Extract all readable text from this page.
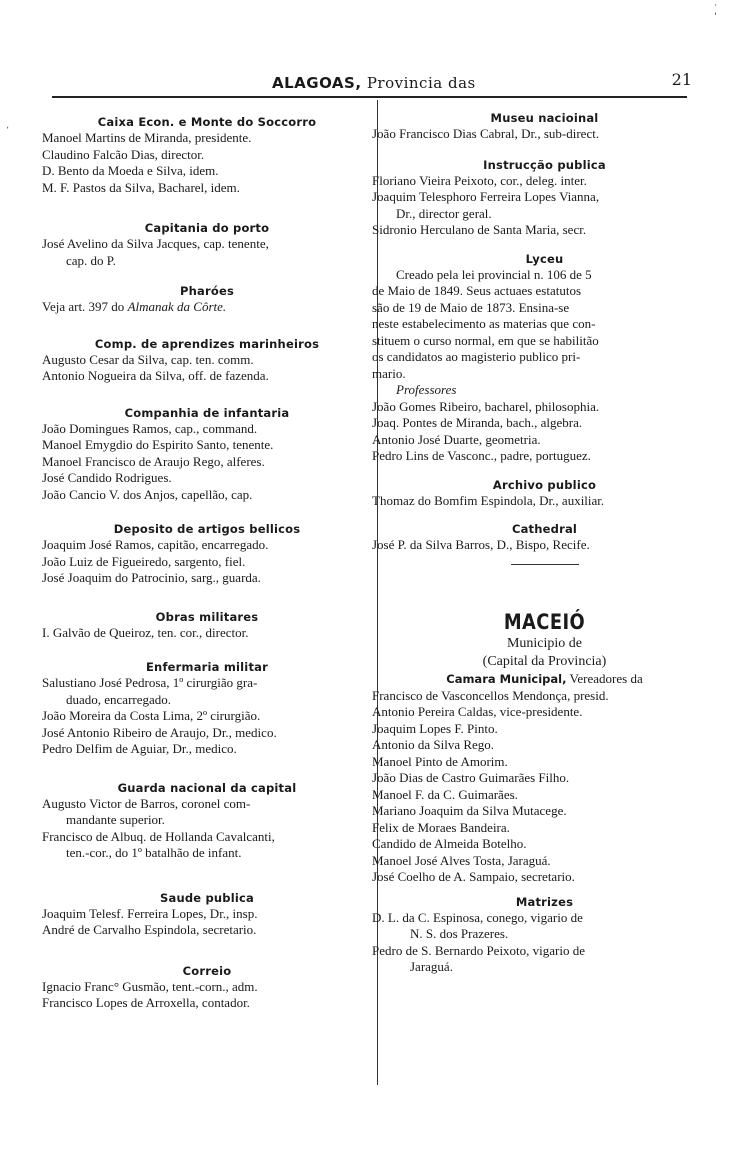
‘
ᐧ
ˈ
ALAGOAS, Provincia das	21

Caixa Econ. e Monte do Soccorro

Manoel Martins de Miranda, presidente.

Claudino Falcão Dias, director.

D. Bento da Moeda e Silva, idem.

M. F. Pastos da Silva, Bacharel, idem.

Capitania do porto

José Avelino da Silva Jacques, cap. tenente,

cap. do P.

Pharóes

Veja art. 397 do Almanak da Côrte.

Comp. de aprendizes marinheiros

Augusto Cesar da Silva, cap. ten. comm.

Antonio Nogueira da Silva, off. de fazenda.

Companhia de infantaria

João Domingues Ramos, cap., command.

Manoel Emygdio do Espirito Santo, tenente.

Manoel Francisco de Araujo Rego, alferes.

José Candido Rodrigues.

João Cancio V. dos Anjos, capellão, cap.

Deposito de artigos bellicos

Joaquim José Ramos, capitão, encarregado.

João Luiz de Figueiredo, sargento, fiel.

José Joaquim do Patrocinio, sarg., guarda.

Obras militares

I. Galvão de Queiroz, ten. cor., director.

Enfermaria militar

Salustiano José Pedrosa, 1º cirurgião gra-

duado, encarregado.

João Moreira da Costa Lima, 2º cirurgião.

José Antonio Ribeiro de Araujo, Dr., medico.

Pedro Delfim de Aguiar, Dr., medico.

Guarda nacional da capital

Augusto Victor de Barros, coronel com-

mandante superior.

Francisco de Albuq. de Hollanda Cavalcanti,

ten.-cor., do 1º batalhão de infant.

Saude publica

Joaquim Telesf. Ferreira Lopes, Dr., insp.

André de Carvalho Espindola, secretario.

Correio

Ignacio Franc° Gusmão, tent.-corn., adm.

Francisco Lopes de Arroxella, contador.

Museu nacioinal

João Francisco Dias Cabral, Dr., sub-direct.

Instrucção publica

Floriano Vieira Peixoto, cor., deleg. inter.

Joaquim Telesphoro Ferreira Lopes Vianna,

Dr., director geral.

Sidronio Herculano de Santa Maria, secr.

Lyceu

Creado pela lei provincial n. 106 de 5

de Maio de 1849. Seus actuaes estatutos

são de 19 de Maio de 1873. Ensina-se

neste estabelecimento as materias que con-

stituem o curso normal, em que se habilitão

os candidatos ao magisterio publico pri-

mario.

Professores

João Gomes Ribeiro, bacharel, philosophia.

Joaq. Pontes de Miranda, bach., algebra.

Antonio José Duarte, geometria.

Pedro Lins de Vasconc., padre, portuguez.

Archivo publico

Thomaz do Bomfim Espindola, Dr., auxiliar.

Cathedral

José P. da Silva Barros, D., Bispo, Recife.

MACEIÓ

Municipio de

(Capital da Provincia)

Camara Municipal, Vereadores da

Francisco de Vasconcellos Mendonça, presid.

Antonio Pereira Caldas, vice-presidente.

Joaquim Lopes F. Pinto.

Antonio da Silva Rego.

Manoel Pinto de Amorim.

João Dias de Castro Guimarães Filho.

Manoel F. da C. Guimarães.

Mariano Joaquim da Silva Mutacege.

Felix de Moraes Bandeira.

Candido de Almeida Botelho.

Manoel José Alves Tosta, Jaraguá.

José Coelho de A. Sampaio, secretario.

Matrizes

D. L. da C. Espinosa, conego, vigario de

N. S. dos Prazeres.

Pedro de S. Bernardo Peixoto, vigario de

Jaraguá.
